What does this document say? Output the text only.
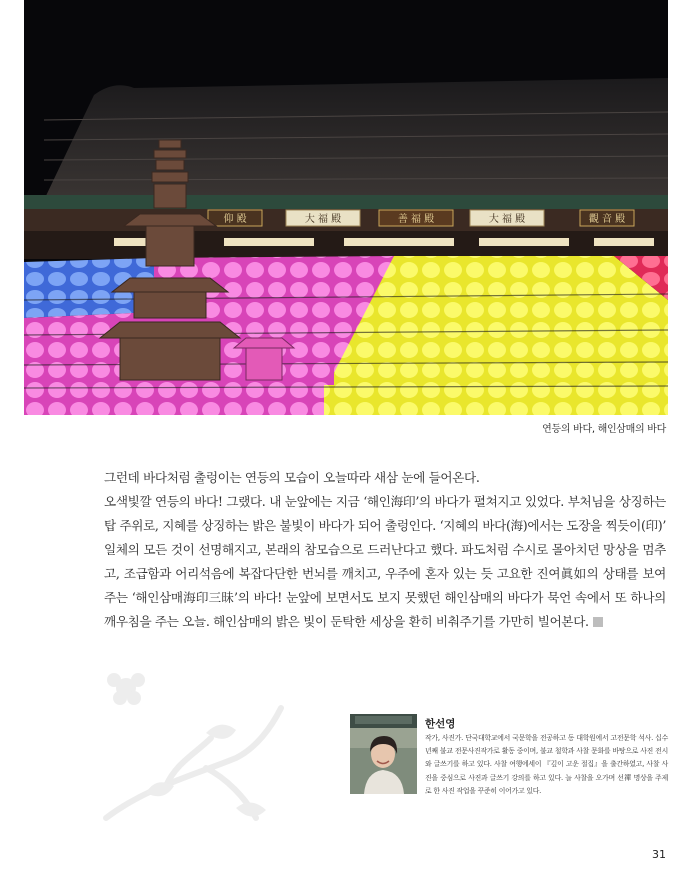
仰 殿	大 福 殿	善 福 殿	大 福 殿	觀 音 殿
연등의 바다, 해인삼매의 바다

그런데 바다처럼 출렁이는 연등의 모습이 오늘따라 새삼 눈에 들어온다.

오색빛깔 연등의 바다! 그랬다. 내 눈앞에는 지금 ‘해인海印’의 바다가 펼쳐지고 있었다. 부처님을 상징하는 탑 주위로, 지혜를 상징하는 밝은 불빛이 바다가 되어 출렁인다. ‘지혜의 바다(海)에서는 도장을 찍듯이(印)’ 일체의 모든 것이 선명해지고, 본래의 참모습으로 드러난다고 했다. 파도처럼 수시로 몰아치던 망상을 멈추고, 조급함과 어리석음에 복잡다단한 번뇌를 깨치고, 우주에 혼자 있는 듯 고요한 진여眞如의 상태를 보여주는 ‘해인삼매海印三昧’의 바다! 눈앞에 보면서도 보지 못했던 해인삼매의 바다가 묵언 속에서 또 하나의 깨우침을 주는 오늘. 해인삼매의 밝은 빛이 둔탁한 세상을 환히 비춰주기를 가만히 빌어본다.

한선영
작가, 사진가. 단국대학교에서 국문학을 전공하고 동 대학원에서 고전문학 석사. 십수 년째 불교 전문사진작가로 활동 중이며, 불교 철학과 사찰 문화를 바탕으로 사진 전시와 글쓰기를 하고 있다. 사찰 여행에세이 『깊이 고운 절집』을 출간하였고, 사찰 사진을 중심으로 사진과 글쓰기 강의를 하고 있다. 늘 사찰을 오가며 선禪 명상을 주제로 한 사진 작업을 꾸준히 이어가고 있다.
31
